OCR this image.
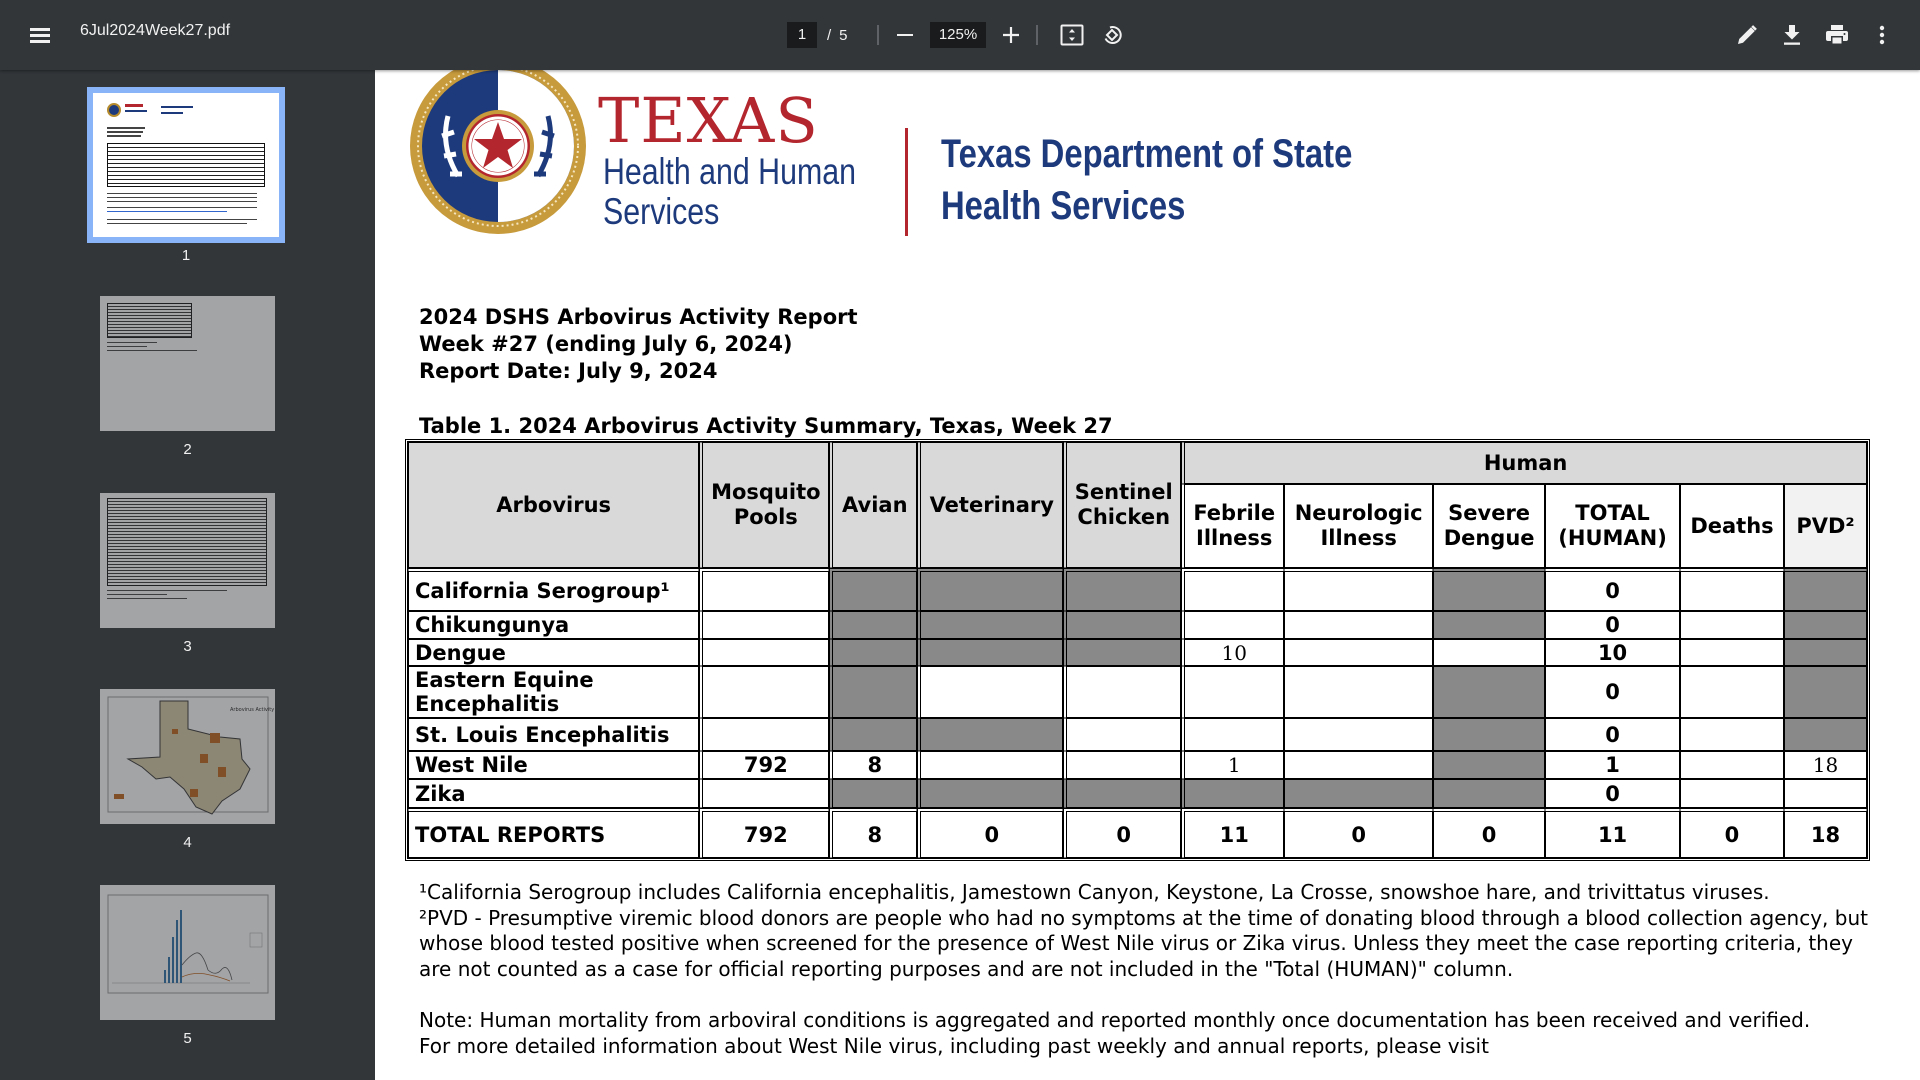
6Jul2024Week27.pdf	1	/ 5	125%
1
2
3
Arbovirus Activity
4
5
TEXAS
Health and Human
Services
Texas Department of State
Health Services
2024 DSHS Arbovirus Activity Report
Week #27 (ending July 6, 2024)
Report Date: July 9, 2024
Table 1. 2024 Arbovirus Activity Summary, Texas, Week 27
Arbovirus	Mosquito Pools	Avian	Veterinary	Sentinel Chicken	Human					
					Febrile Illness	Neurologic Illness	Severe Dengue	TOTAL (HUMAN)	Deaths	PVD²
California Serogroup¹								0		
Chikungunya								0		
Dengue					10			10		
Eastern Equine Encephalitis								0		
St. Louis Encephalitis								0		
West Nile	792	8			1			1		18
Zika								0		
TOTAL REPORTS	792	8	0	0	11	0	0	11	0	18

¹California Serogroup includes California encephalitis, Jamestown Canyon, Keystone, La Crosse, snowshoe hare, and trivittatus viruses.

²PVD - Presumptive viremic blood donors are people who had no symptoms at the time of donating blood through a blood collection agency, but whose blood tested positive when screened for the presence of West Nile virus or Zika virus. Unless they meet the case reporting criteria, they are not counted as a case for official reporting purposes and are not included in the "Total (HUMAN)" column.

Note: Human mortality from arboviral conditions is aggregated and reported monthly once documentation has been received and verified.

For more detailed information about West Nile virus, including past weekly and annual reports, please visit
